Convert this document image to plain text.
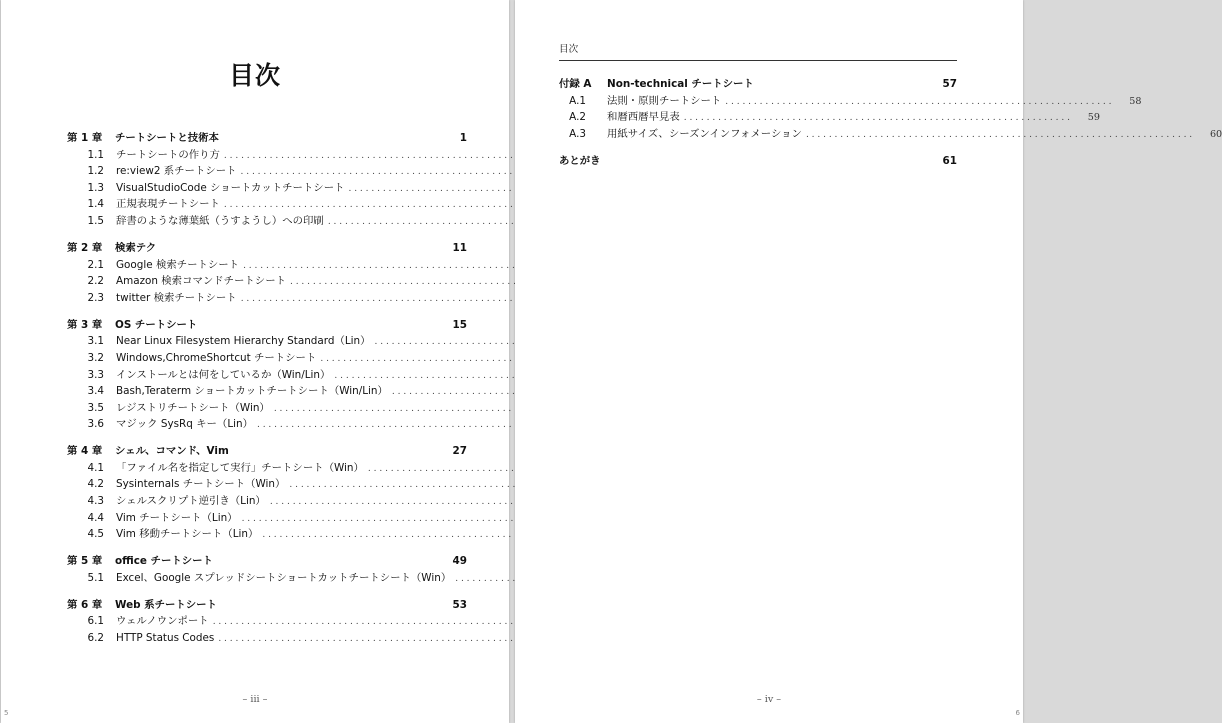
目次
第 1 章	チートシートと技術本	1
1.1	チートシートの作り方
. . .
1.2	re:view2 系チートシート
. . .
1.3	VisualStudioCode ショートカットチートシート
. . .
1.4	正規表現チートシート
. . .
1.5	辞書のような薄葉紙（うすようし）への印刷
. . .
第 2 章	検索テク	11
2.1	Google 検索チートシート
. . .
2.2	Amazon 検索コマンドチートシート
. . .
2.3	twitter 検索チートシート
. . .
第 3 章	OS チートシート	15
3.1	Near Linux Filesystem Hierarchy Standard（Lin）
. . .
3.2	Windows,ChromeShortcut チートシート
. . .
3.3	インストールとは何をしているか（Win/Lin）
. . .
3.4	Bash,Teraterm ショートカットチートシート（Win/Lin）
. . .
3.5	レジストリチートシート（Win）
. . .
3.6	マジック SysRq キー（Lin）
. . .
第 4 章	シェル、コマンド、Vim	27
4.1	「ファイル名を指定して実行」チートシート（Win）
. . .
4.2	Sysinternals チートシート（Win）
. . .
4.3	シェルスクリプト逆引き（Lin）
. . .
4.4	Vim チートシート（Lin）
. . .
4.5	Vim 移動チートシート（Lin）
. . .
第 5 章	office チートシート	49
5.1	Excel、Google スプレッドシートショートカットチートシート（Win）
. . .
第 6 章	Web 系チートシート	53
6.1	ウェルノウンポート
. . .
6.2	HTTP Status Codes
. . .
– iii –
5
目次
付録 A	Non-technical チートシート	57
A.1	法則・原則チートシート . . .	58
A.2	和暦西暦早見表 . . .	59
A.3	用紙サイズ、シーズンインフォメーション . . .	60
あとがき	61
– iv –
6
